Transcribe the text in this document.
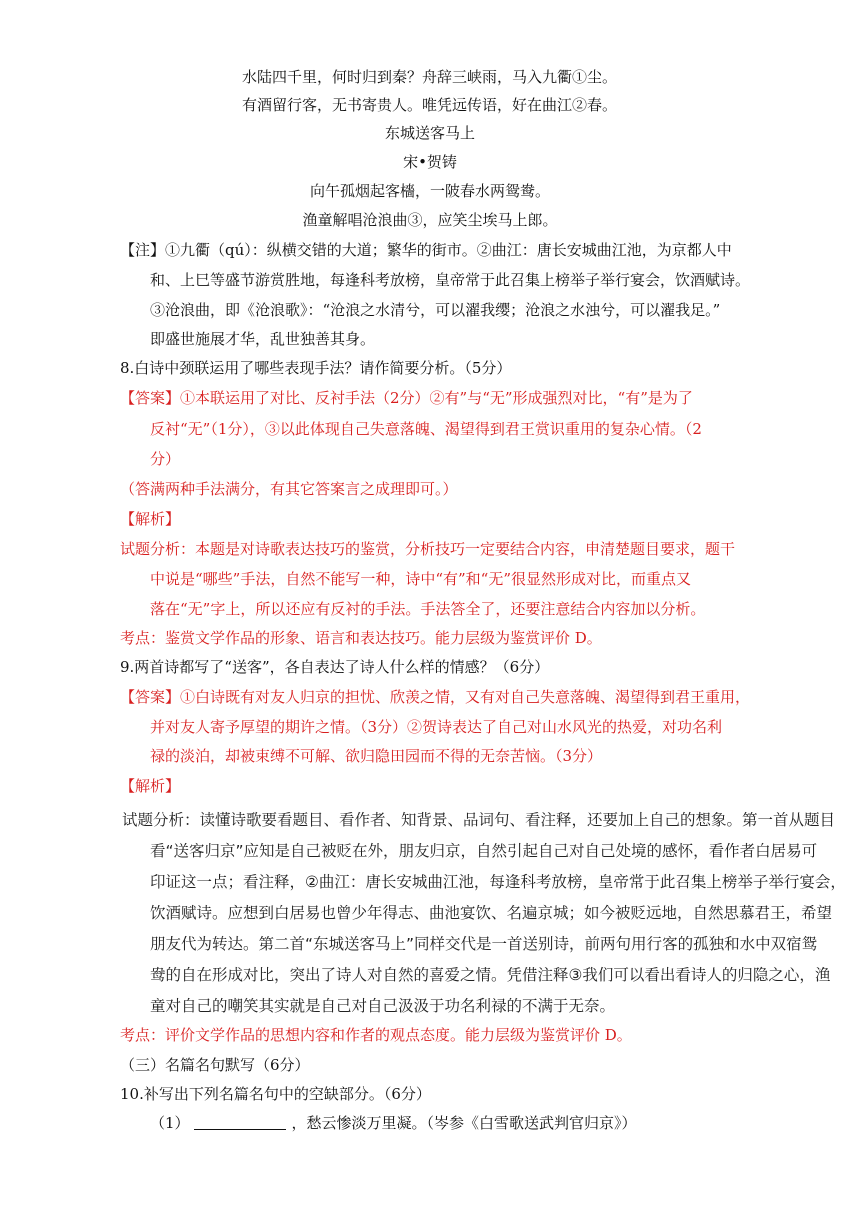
水陆四千里，何时归到秦？舟辞三峡雨，马入九衢①尘。
有酒留行客，无书寄贵人。唯凭远传语，好在曲江②春。
东城送客马上
宋•贺铸
向午孤烟起客檣，一陂春水两鸳鸯。
渔童解唱沧浪曲③，应笑尘埃马上郎。
【注】①九衢（qú）：纵横交错的大道；繁华的街市。②曲江：唐长安城曲江池，为京都人中
和、上巳等盛节游赏胜地，每逢科考放榜，皇帝常于此召集上榜举子举行宴会，饮酒赋诗。
③沧浪曲，即《沧浪歌》：“沧浪之水清兮，可以濯我缨；沧浪之水浊兮，可以濯我足。”
即盛世施展才华，乱世独善其身。
8.白诗中颈联运用了哪些表现手法？请作简要分析。（5分）
【答案】①本联运用了对比、反衬手法（2分）②有”与“无”形成强烈对比，“有”是为了
反衬“无”（1分），③以此体现自己失意落魄、渴望得到君王赏识重用的复杂心情。（2
分）
（答满两种手法满分，有其它答案言之成理即可。）
【解析】
试题分析：本题是对诗歌表达技巧的鉴赏，分析技巧一定要结合内容，申清楚题目要求，题干
中说是“哪些”手法，自然不能写一种，诗中“有”和“无”很显然形成对比，而重点又
落在“无”字上，所以还应有反衬的手法。手法答全了，还要注意结合内容加以分析。
考点：鉴赏文学作品的形象、语言和表达技巧。能力层级为鉴赏评价 D。
9.两首诗都写了“送客”，各自表达了诗人什么样的情感？（6分）
【答案】①白诗既有对友人归京的担忧、欣羡之情，又有对自己失意落魄、渴望得到君王重用，
并对友人寄予厚望的期许之情。（3分）②贺诗表达了自己对山水风光的热爱，对功名利
禄的淡泊，却被束缚不可解、欲归隐田园而不得的无奈苦恼。（3分）
【解析】
试题分析：读懂诗歌要看题目、看作者、知背景、品词句、看注释，还要加上自己的想象。第一首从题目
看“送客归京”应知是自己被贬在外，朋友归京，自然引起自己对自己处境的感怀，看作者白居易可
印证这一点；看注释，②曲江：唐长安城曲江池，每逢科考放榜，皇帝常于此召集上榜举子举行宴会，
饮酒赋诗。应想到白居易也曾少年得志、曲池宴饮、名遍京城；如今被贬远地，自然思慕君王，希望
朋友代为转达。第二首“东城送客马上”同样交代是一首送别诗，前两句用行客的孤独和水中双宿鸳
鸯的自在形成对比，突出了诗人对自然的喜爱之情。凭借注释③我们可以看出看诗人的归隐之心，渔
童对自己的嘲笑其实就是自己对自己汲汲于功名利禄的不满于无奈。
考点：评价文学作品的思想内容和作者的观点态度。能力层级为鉴赏评价 D。
（三）名篇名句默写（6分）
10.补写出下列名篇名句中的空缺部分。（6分）
（1）	，愁云惨淡万里凝。（岑参《白雪歌送武判官归京》）
